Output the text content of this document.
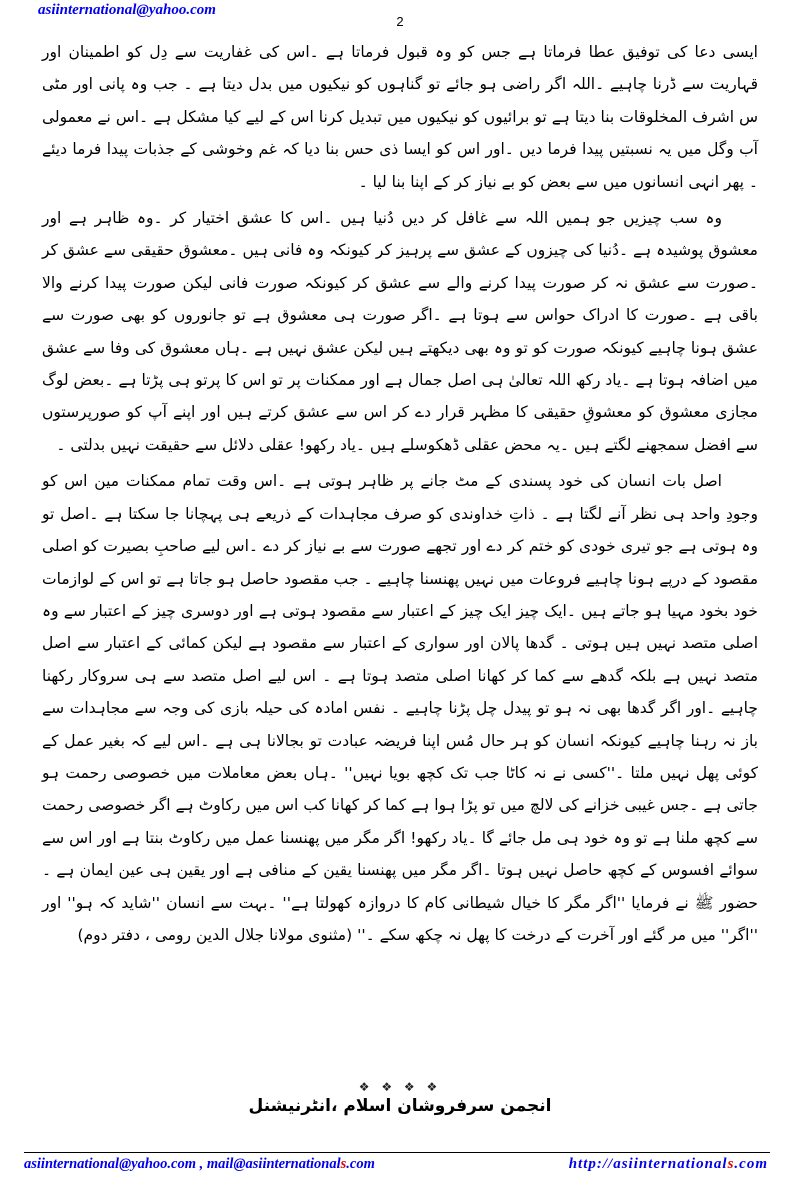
asiinternational@yahoo.com
2

ایسی دعا کی توفیق عطا فرماتا ہے جس کو وہ قبول فرماتا ہے ۔اس کی غفاریت سے دِل کو اطمینان اور قہاریت سے ڈرنا چاہیے ۔اللہ اگر راضی ہو جائے تو گناہوں کو نیکیوں میں بدل دیتا ہے ۔ جب وہ پانی اور مٹی س اشرف المخلوقات بنا دیتا ہے تو برائیوں کو نیکیوں میں تبدیل کرنا اس کے لیے کیا مشکل ہے ۔اس نے معمولی آب وگل میں یہ نسبتیں پیدا فرما دیں ۔اور اس کو ایسا ذی حس بنا دیا کہ غم وخوشی کے جذبات پیدا فرما دیئے ۔ پھر انہی انسانوں میں سے بعض کو بے نیاز کر کے اپنا بنا لیا ۔

وہ سب چیزیں جو ہمیں اللہ سے غافل کر دیں دُنیا ہیں ۔اس کا عشق اختیار کر ۔وہ ظاہر ہے اور معشوق پوشیدہ ہے ۔دُنیا کی چیزوں کے عشق سے پرہیز کر کیونکہ وہ فانی ہیں ۔معشوق حقیقی سے عشق کر ۔صورت سے عشق نہ کر صورت پیدا کرنے والے سے عشق کر کیونکہ صورت فانی لیکن صورت پیدا کرنے والا باقی ہے ۔صورت کا ادراک حواس سے ہوتا ہے ۔اگر صورت ہی معشوق ہے تو جانوروں کو بھی صورت سے عشق ہونا چاہیے کیونکہ صورت کو تو وہ بھی دیکھتے ہیں لیکن عشق نہیں ہے ۔ہاں معشوق کی وفا سے عشق میں اضافہ ہوتا ہے ۔یاد رکھ اللہ تعالیٰ ہی اصل جمال ہے اور ممکنات پر تو اس کا پرتو ہی پڑتا ہے ۔بعض لوگ مجازی معشوق کو معشوقِ حقیقی کا مظہر قرار دے کر اس سے عشق کرتے ہیں اور اپنے آپ کو صورپرستوں سے افضل سمجھنے لگتے ہیں ۔یہ محض عقلی ڈھکوسلے ہیں ۔یاد رکھو! عقلی دلائل سے حقیقت نہیں بدلتی ۔

اصل بات انسان کی خود پسندی کے مٹ جانے پر ظاہر ہوتی ہے ۔اس وقت تمام ممکنات مین اس کو وجودِ واحد ہی نظر آنے لگتا ہے ۔ ذاتِ خداوندی کو صرف مجاہدات کے ذریعے ہی پہچانا جا سکتا ہے ۔اصل تو وہ ہوتی ہے جو تیری خودی کو ختم کر دے اور تجھے صورت سے بے نیاز کر دے ۔اس لیے صاحبِ بصیرت کو اصلی مقصود کے درپے ہونا چاہیے فروعات میں نہیں پھنسنا چاہیے ۔ جب مقصود حاصل ہو جاتا ہے تو اس کے لوازمات خود بخود مہیا ہو جاتے ہیں ۔ایک چیز ایک چیز کے اعتبار سے مقصود ہوتی ہے اور دوسری چیز کے اعتبار سے وہ اصلی متصد نہیں ہیں ہوتی ۔ گدھا پالان اور سواری کے اعتبار سے مقصود ہے لیکن کمائی کے اعتبار سے اصل متصد نہیں ہے بلکہ گدھے سے کما کر کھانا اصلی متصد ہوتا ہے ۔ اس لیے اصل متصد سے ہی سروکار رکھنا چاہیے ۔اور اگر گدھا بھی نہ ہو تو پیدل چل پڑنا چاہیے ۔ نفس امادہ کی حیلہ بازی کی وجہ سے مجاہدات سے باز نہ رہنا چاہیے کیونکہ انسان کو ہر حال مُس اپنا فریضہ عبادت تو بجالانا ہی ہے ۔اس لیے کہ بغیر عمل کے کوئی پھل نہیں ملتا ۔''کسی نے نہ کاٹا جب تک کچھ بویا نہیں'' ۔ہاں بعض معاملات میں خصوصی رحمت ہو جاتی ہے ۔جس غیبی خزانے کی لالچ میں تو پڑا ہوا ہے کما کر کھانا کب اس میں رکاوٹ ہے اگر خصوصی رحمت سے کچھ ملنا ہے تو وہ خود ہی مل جائے گا ۔یاد رکھو! اگر مگر میں پھنسنا عمل میں رکاوٹ بنتا ہے اور اس سے سوائے افسوس کے کچھ حاصل نہیں ہوتا ۔اگر مگر میں پھنسنا یقین کے منافی ہے اور یقین ہی عین ایمان ہے ۔ حضور ﷺ نے فرمایا ''اگر مگر کا خیال شیطانی کام کا دروازہ کھولتا ہے'' ۔بہت سے انسان ''شاید کہ ہو'' اور ''اگر'' میں مر گئے اور آخرت کے درخت کا پھل نہ چکھ سکے ۔'' (مثنوی مولانا جلال الدین رومی ، دفتر دوم)

❖ ❖ ❖ ❖
انجمن سرفروشان اسلام ،انٹرنیشنل
asiinternational@yahoo.com , mail@asiinternationals.com	http://asiinternationals.com
